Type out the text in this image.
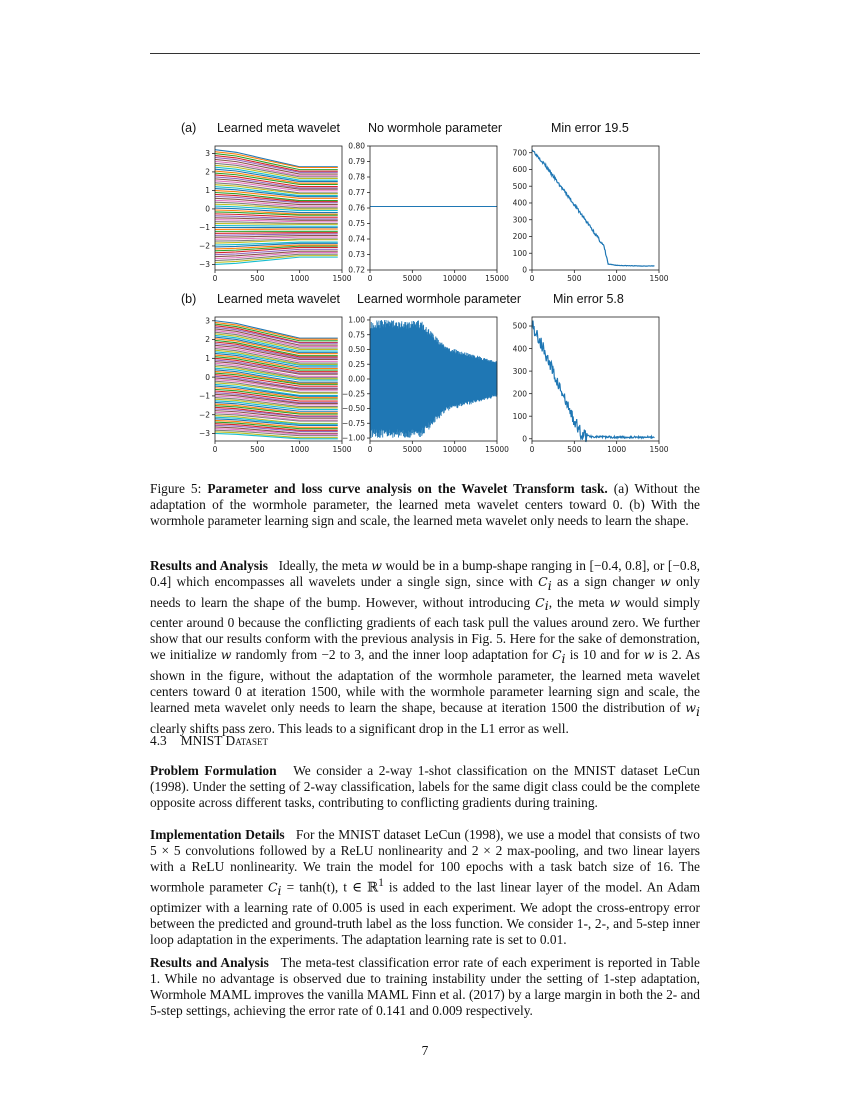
(a) Learned meta wavelet No wormhole parameter	Min error 19.5
(b) Learned meta wavelet Learned wormhole parameter	Min error 5.8
0	500	1000	1500
−3
−2
−1
0
1
2
3
0	500	1000	1500
−3
−2
−1
0
1
2
3
0	5000	10000 15000
0.72
0.73
0.74
0.75
0.76
0.77
0.78
0.79
0.80
0	500	1000	1500
0
100
200
300
400
500
600
700
0	500	1000	1500
0
100
200
300
400
500
0	5000	10000 15000
−1.00
−0.75
−0.50
−0.25
0.00
0.25
0.50
0.75
1.00
Figure 5: Parameter and loss curve analysis on the Wavelet Transform task. (a) Without the adaptation of the wormhole parameter, the learned meta wavelet centers toward 0. (b) With the wormhole parameter learning sign and scale, the learned meta wavelet only needs to learn the shape.
Results and Analysis Ideally, the meta w would be in a bump-shape ranging in [−0.4, 0.8], or [−0.8, 0.4] which encompasses all wavelets under a single sign, since with $C_i$ as a sign changer w only needs to learn the shape of the bump. However, without introducing $C_i$, the meta w would simply center around 0 because the conflicting gradients of each task pull the values around zero. We further show that our results conform with the previous analysis in Fig. 5. Here for the sake of demonstration, we initialize w randomly from −2 to 3, and the inner loop adaptation for $C_i$ is 10 and for w is 2. As shown in the figure, without the adaptation of the wormhole parameter, the learned meta wavelet centers toward 0 at iteration 1500, while with the wormhole parameter learning sign and scale, the learned meta wavelet only needs to learn the shape, because at iteration 1500 the distribution of $w_i$ clearly shifts pass zero. This leads to a significant drop in the L1 error as well.
4.3 MNIST Dataset
Problem Formulation We consider a 2-way 1-shot classification on the MNIST dataset LeCun (1998). Under the setting of 2-way classification, labels for the same digit class could be the complete opposite across different tasks, contributing to conflicting gradients during training.
Implementation Details For the MNIST dataset LeCun (1998), we use a model that consists of two 5 × 5 convolutions followed by a ReLU nonlinearity and 2 × 2 max-pooling, and two linear layers with a ReLU nonlinearity. We train the model for 100 epochs with a task batch size of 16. The wormhole parameter $C_i = \tanh(t)$, t ∈ ℝ$^1$ is added to the last linear layer of the model. An Adam optimizer with a learning rate of 0.005 is used in each experiment. We adopt the cross-entropy error between the predicted and ground-truth label as the loss function. We consider 1-, 2-, and 5-step inner loop adaptation in the experiments. The adaptation learning rate is set to 0.01.
Results and Analysis The meta-test classification error rate of each experiment is reported in Table 1. While no advantage is observed due to training instability under the setting of 1-step adaptation, Wormhole MAML improves the vanilla MAML Finn et al. (2017) by a large margin in both the 2- and 5-step settings, achieving the error rate of 0.141 and 0.009 respectively.
7
